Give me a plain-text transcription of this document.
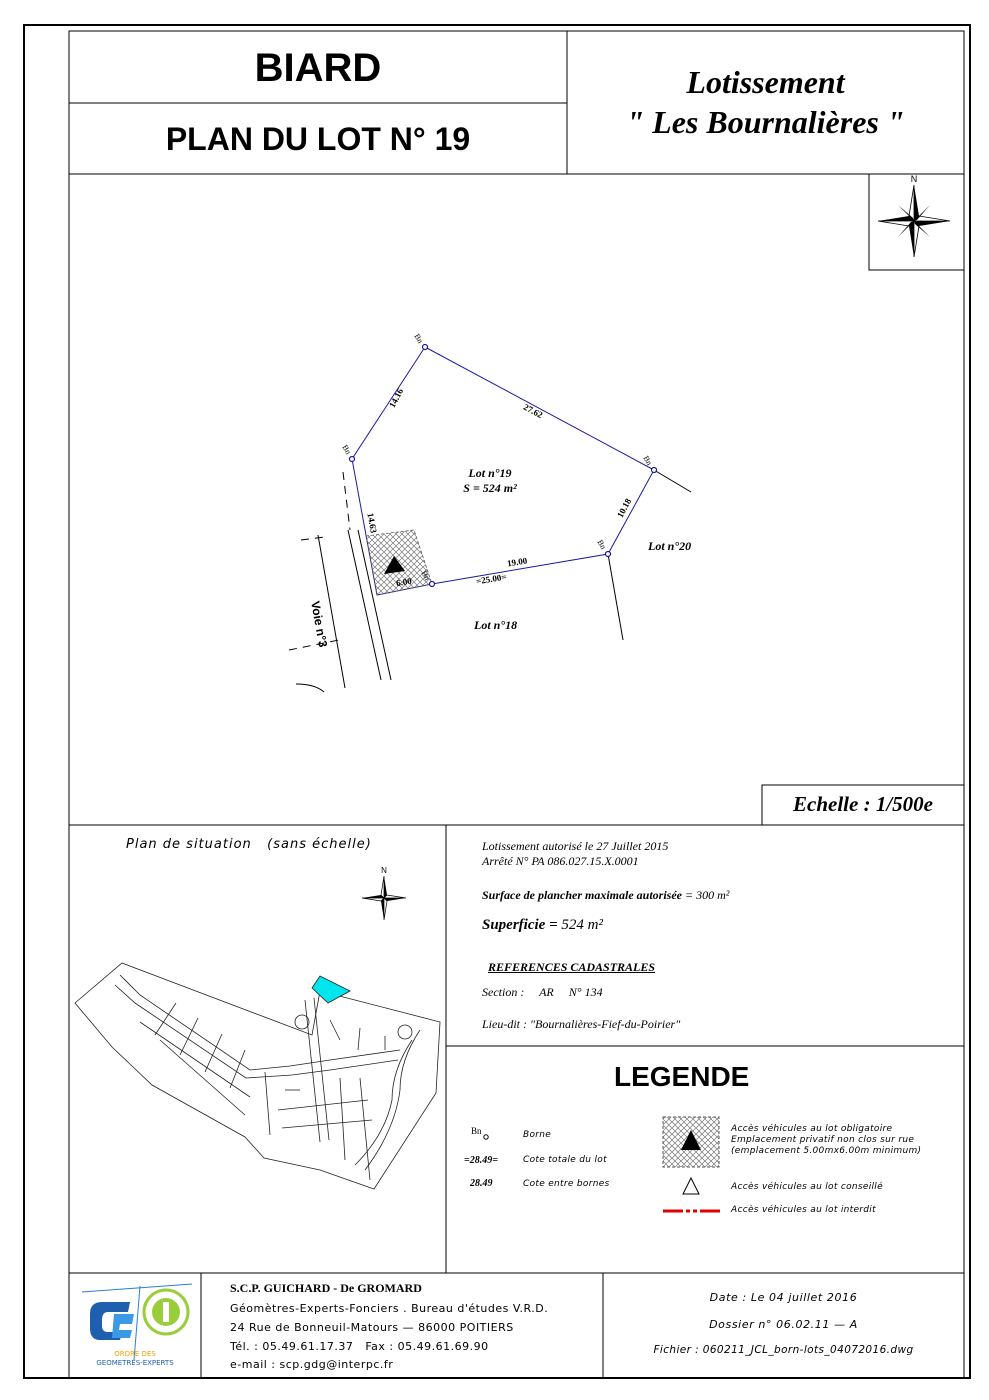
BIARD
PLAN DU LOT N° 19
Lotissement
" Les Bournalières "
N
Lot n°19
S = 524 m²
Lot n°20
Lot n°18
Voie n°3
14.16
27.62
10.18
19.00
6.00
14.63
=25.00=
Bn
Bn
Bn
Bn
Bn
Echelle : 1/500e
Plan de situation   (sans échelle)
N
Lotissement autorisé le 27 Juillet 2015
Arrêté N° PA 086.027.15.X.0001
Surface de plancher maximale autorisée = 300 m²
Superficie = 524 m²
REFERENCES CADASTRALES
Section :     AR     N° 134
Lieu-dit : "Bournalières-Fief-du-Poirier"
LEGENDE
Bn	Borne
=28.49=	Cote totale du lot
28.49	Cote entre bornes
Accès véhicules au lot obligatoire
Emplacement privatif non clos sur rue
(emplacement 5.00mx6.00m minimum)
Accès véhicules au lot conseillé
Accès véhicules au lot interdit
ORDRE DES
GEOMETRES-EXPERTS
S.C.P. GUICHARD - De GROMARD
Géomètres-Experts-Fonciers . Bureau d'études V.R.D.
24 Rue de Bonneuil-Matours — 86000 POITIERS
Tél. : 05.49.61.17.37   Fax : 05.49.61.69.90
e-mail : scp.gdg@interpc.fr
Date : Le 04 juillet 2016
Dossier n° 06.02.11 — A
Fichier : 060211_JCL_born-lots_04072016.dwg
